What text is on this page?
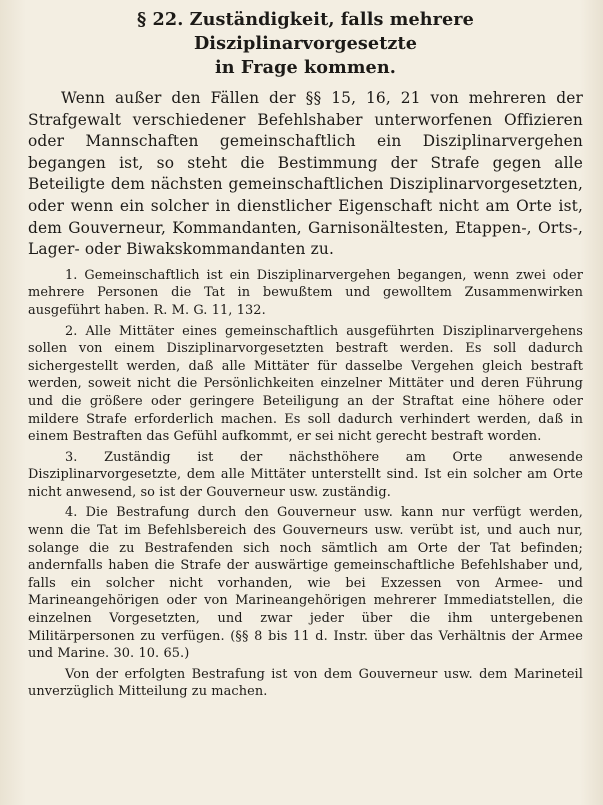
§ 22. Zuständigkeit, falls mehrere Disziplinarvorgesetzte
in Frage kommen.

Wenn außer den Fällen der §§ 15, 16, 21 von mehreren der Strafgewalt verschiedener Befehlshaber unterworfenen Offizieren oder Mannschaften gemeinschaftlich ein Disziplinarvergehen begangen ist, so steht die Bestimmung der Strafe gegen alle Beteiligte dem nächsten gemeinschaftlichen Disziplinarvorgesetzten, oder wenn ein solcher in dienstlicher Eigenschaft nicht am Orte ist, dem Gouverneur, Kommandanten, Garnisonältesten, Etappen-, Orts-, Lager- oder Biwakskommandanten zu.

1. Gemeinschaftlich ist ein Disziplinarvergehen begangen, wenn zwei oder mehrere Personen die Tat in bewußtem und gewolltem Zusammenwirken ausgeführt haben. R. M. G. 11, 132.

2. Alle Mittäter eines gemeinschaftlich ausgeführten Disziplinarvergehens sollen von einem Disziplinarvorgesetzten bestraft werden. Es soll dadurch sichergestellt werden, daß alle Mittäter für dasselbe Vergehen gleich bestraft werden, soweit nicht die Persönlichkeiten einzelner Mittäter und deren Führung und die größere oder geringere Beteiligung an der Straftat eine höhere oder mildere Strafe erforderlich machen. Es soll dadurch verhindert werden, daß in einem Bestraften das Gefühl aufkommt, er sei nicht gerecht bestraft worden.

3. Zuständig ist der nächsthöhere am Orte anwesende Disziplinarvorgesetzte, dem alle Mittäter unterstellt sind. Ist ein solcher am Orte nicht anwesend, so ist der Gouverneur usw. zuständig.

4. Die Bestrafung durch den Gouverneur usw. kann nur verfügt werden, wenn die Tat im Befehlsbereich des Gouverneurs usw. verübt ist, und auch nur, solange die zu Bestrafenden sich noch sämtlich am Orte der Tat befinden; andernfalls haben die Strafe der auswärtige gemeinschaftliche Befehlshaber und, falls ein solcher nicht vorhanden, wie bei Exzessen von Armee- und Marineangehörigen oder von Marineangehörigen mehrerer Immediatstellen, die einzelnen Vorgesetzten, und zwar jeder über die ihm untergebenen Militärpersonen zu verfügen. (§§ 8 bis 11 d. Instr. über das Verhältnis der Armee und Marine. 30. 10. 65.)

Von der erfolgten Bestrafung ist von dem Gouverneur usw. dem Marineteil unverzüglich Mitteilung zu machen.
